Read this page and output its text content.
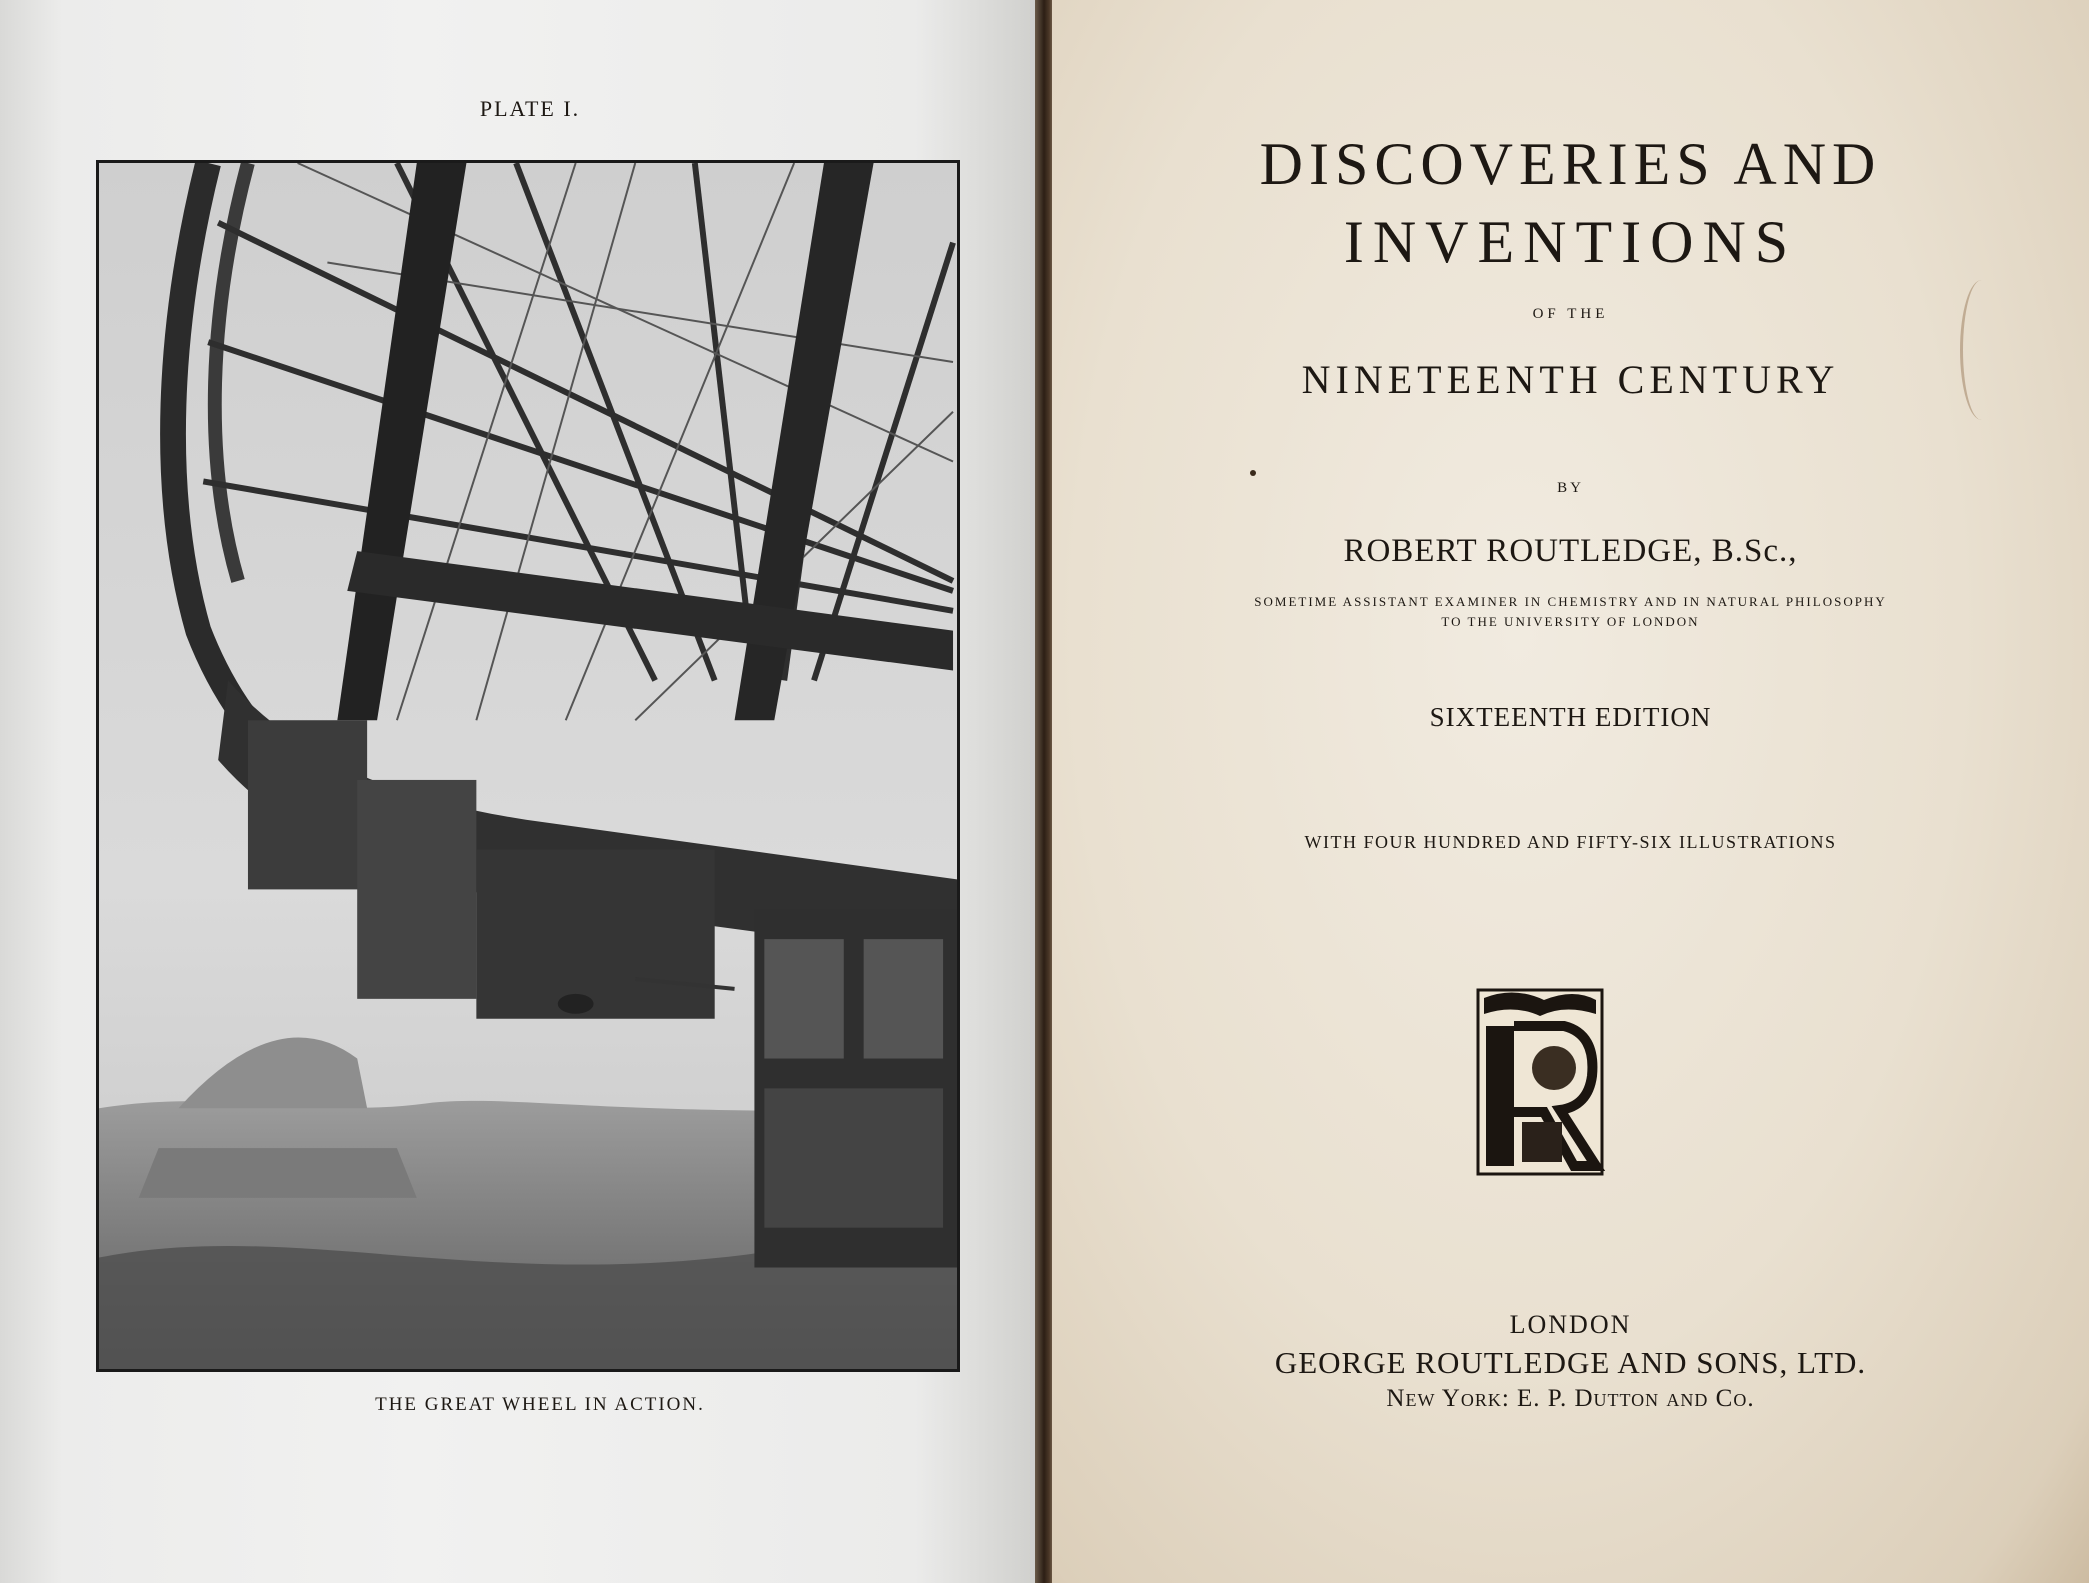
PLATE I.
THE GREAT WHEEL IN ACTION.
DISCOVERIES AND
INVENTIONS
OF THE
NINETEENTH CENTURY
BY
ROBERT ROUTLEDGE, B.Sc.,
SOMETIME ASSISTANT EXAMINER IN CHEMISTRY AND IN NATURAL PHILOSOPHY
TO THE UNIVERSITY OF LONDON
SIXTEENTH EDITION
WITH FOUR HUNDRED AND FIFTY-SIX ILLUSTRATIONS
LONDON
GEORGE ROUTLEDGE AND SONS, LTD.
New York: E. P. Dutton and Co.
